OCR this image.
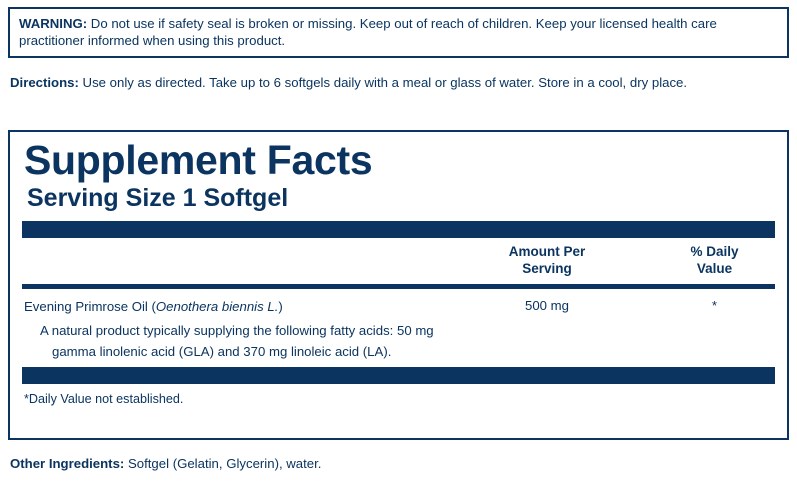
WARNING: Do not use if safety seal is broken or missing. Keep out of reach of children. Keep your licensed health care practitioner informed when using this product.
Directions: Use only as directed. Take up to 6 softgels daily with a meal or glass of water. Store in a cool, dry place.
Supplement Facts
Serving Size 1 Softgel
Amount Per
Serving
% Daily
Value
Evening Primrose Oil (Oenothera biennis L.)
A natural product typically supplying the following fatty acids: 50 mg
gamma linolenic acid (GLA) and 370 mg linoleic acid (LA).
500 mg	*
*Daily Value not established.
Other Ingredients: Softgel (Gelatin, Glycerin), water.
